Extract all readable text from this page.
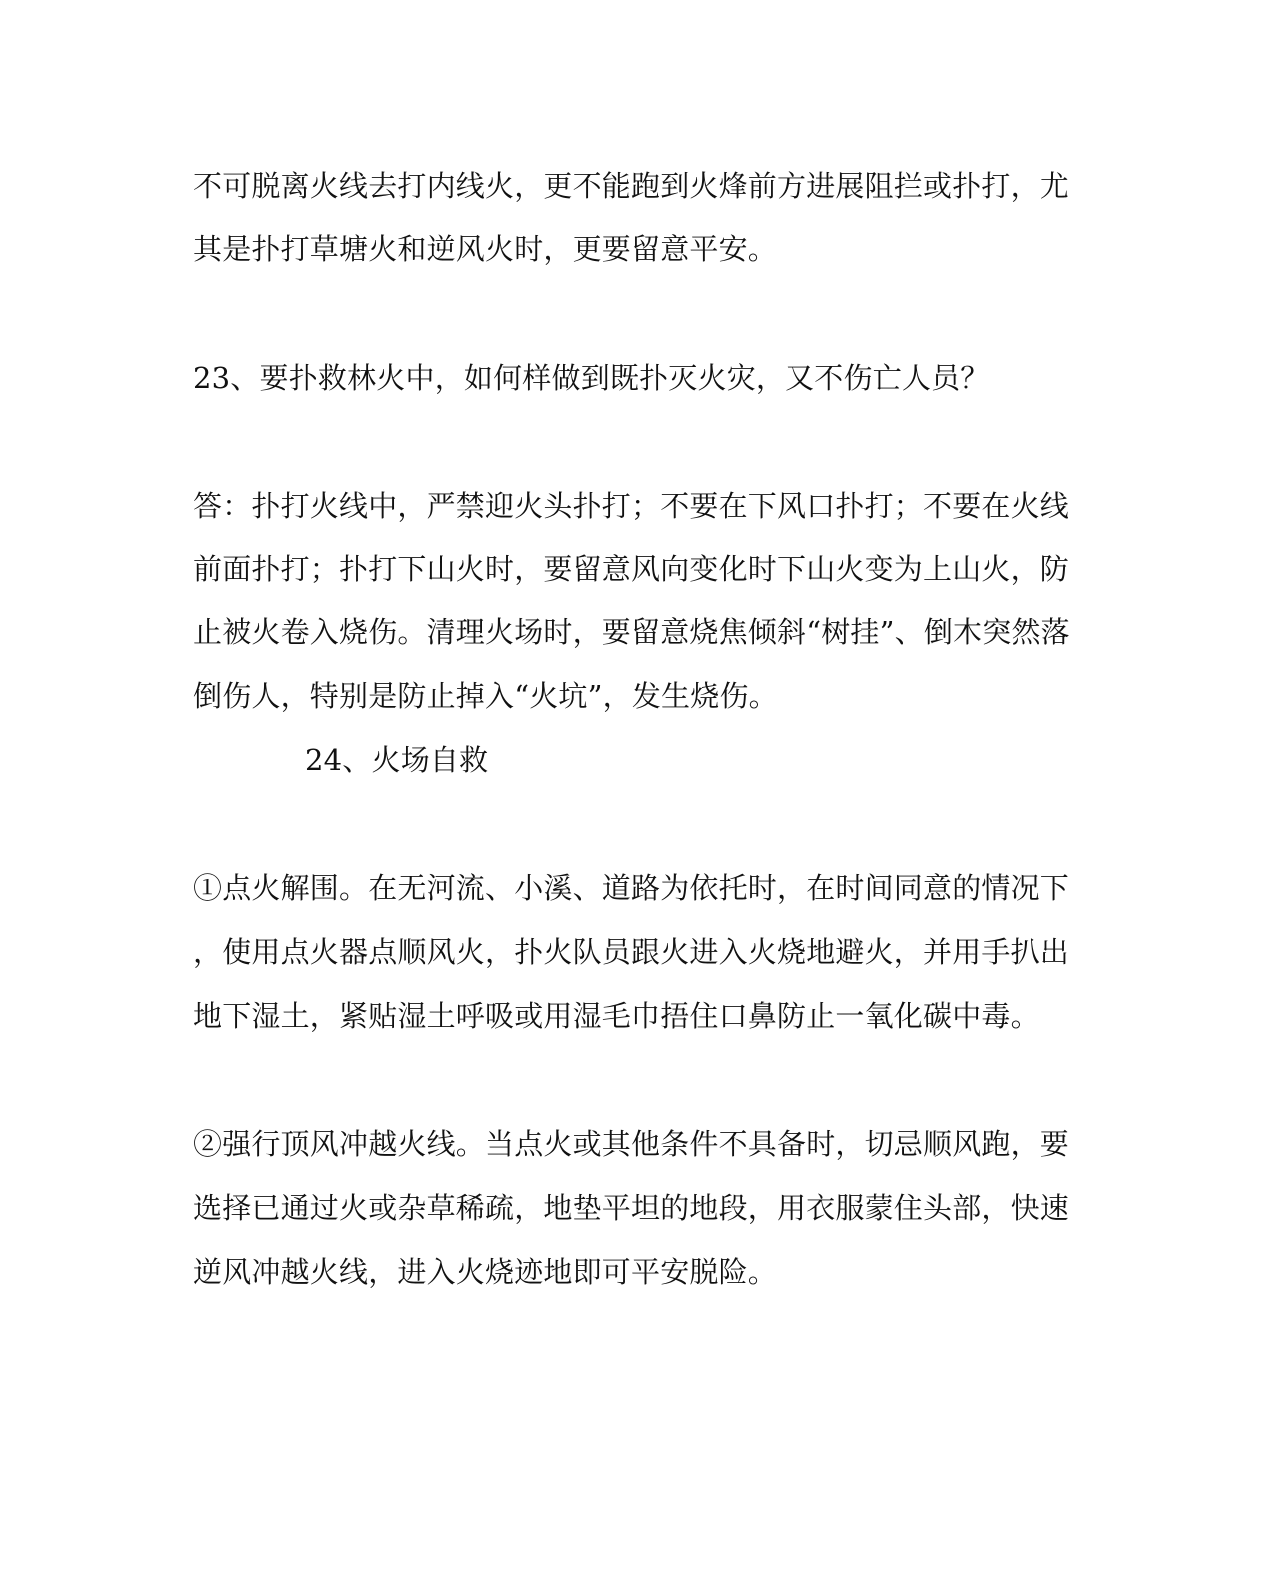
不可脱离火线去打内线火，更不能跑到火烽前方进展阻拦或扑打，尤
其是扑打草塘火和逆风火时，更要留意平安。
23、要扑救林火中，如何样做到既扑灭火灾，又不伤亡人员？
答：扑打火线中，严禁迎火头扑打；不要在下风口扑打；不要在火线
前面扑打；扑打下山火时，要留意风向变化时下山火变为上山火，防
止被火卷入烧伤。清理火场时，要留意烧焦倾斜“树挂”、倒木突然落
倒伤人，特别是防止掉入“火坑”，发生烧伤。
24、火场自救
①点火解围。在无河流、小溪、道路为依托时，在时间同意的情况下
，使用点火器点顺风火，扑火队员跟火进入火烧地避火，并用手扒出
地下湿土，紧贴湿土呼吸或用湿毛巾捂住口鼻防止一氧化碳中毒。
②强行顶风冲越火线。当点火或其他条件不具备时，切忌顺风跑，要
选择已通过火或杂草稀疏，地垫平坦的地段，用衣服蒙住头部，快速
逆风冲越火线，进入火烧迹地即可平安脱险。
